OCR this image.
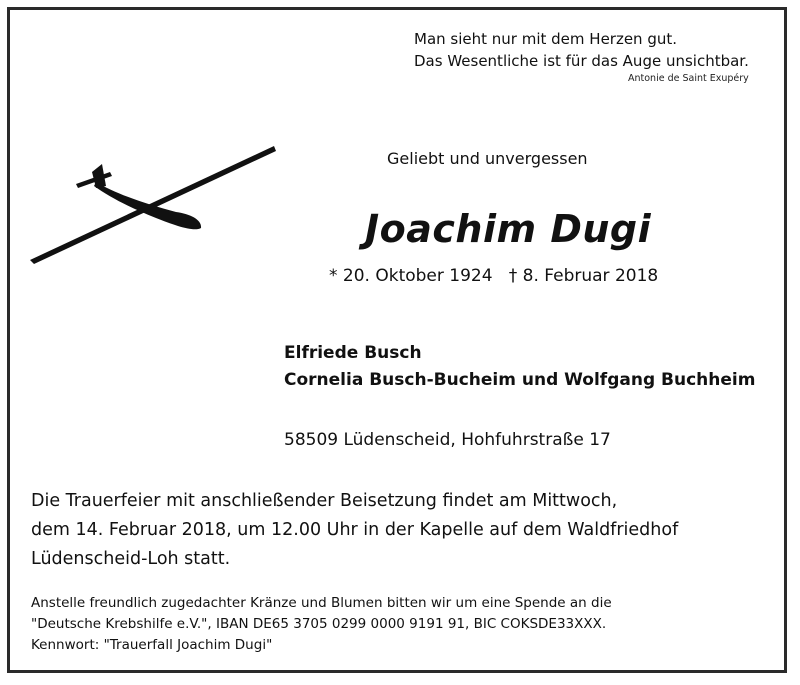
Man sieht nur mit dem Herzen gut.
Das Wesentliche ist für das Auge unsichtbar.
Antonie de Saint Exupéry
Geliebt und unvergessen
Joachim Dugi
* 20. Oktober 1924   † 8. Februar 2018
Elfriede Busch
Cornelia Busch-Bucheim und Wolfgang Buchheim
58509 Lüdenscheid, Hohfuhrstraße 17
Die Trauerfeier mit anschließender Beisetzung findet am Mittwoch,
dem 14. Februar 2018, um 12.00 Uhr in der Kapelle auf dem Waldfriedhof
Lüdenscheid-Loh statt.
Anstelle freundlich zugedachter Kränze und Blumen bitten wir um eine Spende an die
"Deutsche Krebshilfe e.V.", IBAN DE65 3705 0299 0000 9191 91, BIC COKSDE33XXX.
Kennwort: "Trauerfall Joachim Dugi"
